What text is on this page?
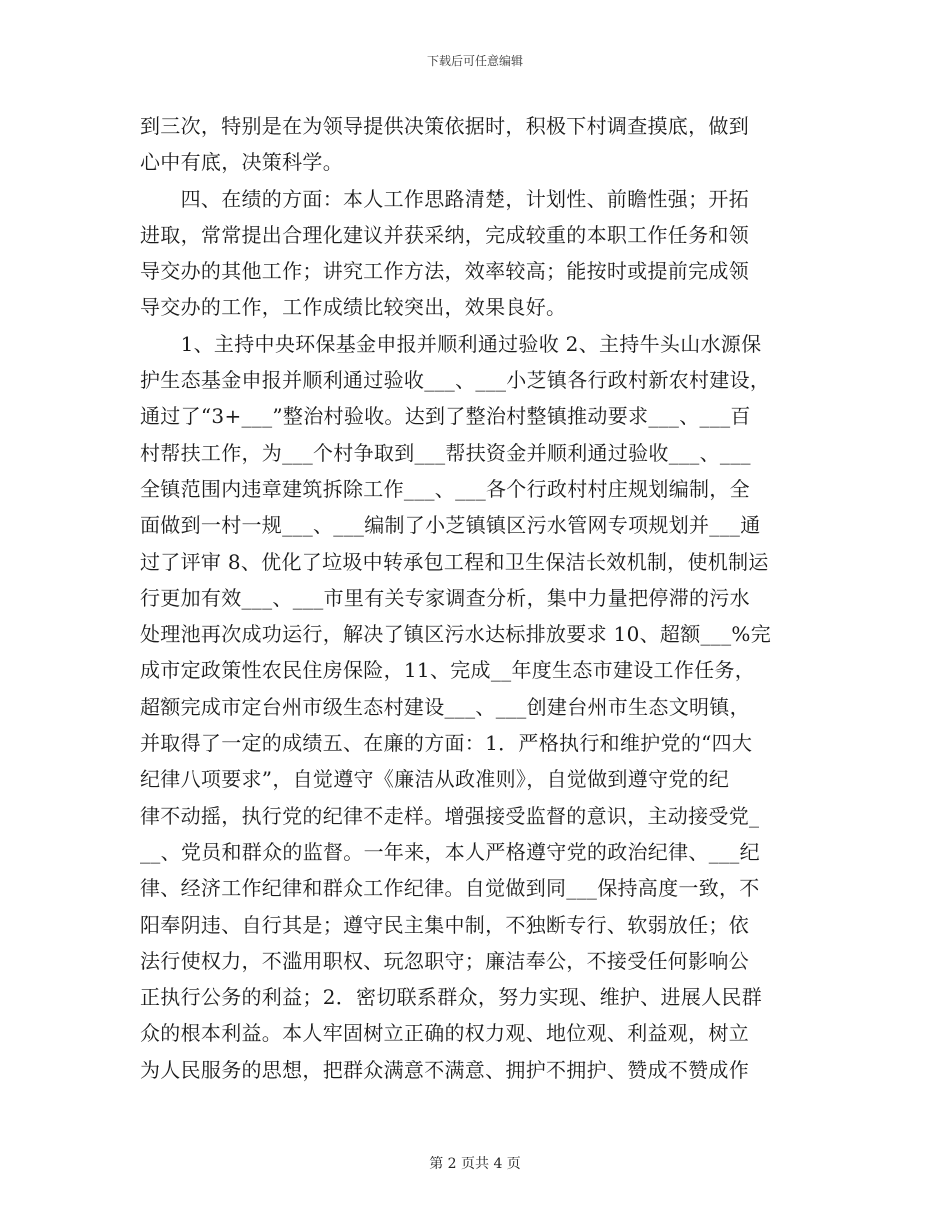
下载后可任意编辑
到三次，特别是在为领导提供决策依据时，积极下村调查摸底，做到
心中有底，决策科学。
　　四、在绩的方面：本人工作思路清楚，计划性、前瞻性强；开拓
进取，常常提出合理化建议并获采纳，完成较重的本职工作任务和领
导交办的其他工作；讲究工作方法，效率较高；能按时或提前完成领
导交办的工作，工作成绩比较突出，效果良好。
　　1、主持中央环保基金申报并顺利通过验收 2、主持牛头山水源保
护生态基金申报并顺利通过验收___、___小芝镇各行政村新农村建设，
通过了“3+___”整治村验收。达到了整治村整镇推动要求___、___百
村帮扶工作，为___个村争取到___帮扶资金并顺利通过验收___、___
全镇范围内违章建筑拆除工作___、___各个行政村村庄规划编制，全
面做到一村一规___、___编制了小芝镇镇区污水管网专项规划并___通
过了评审 8、优化了垃圾中转承包工程和卫生保洁长效机制，使机制运
行更加有效___、___市里有关专家调查分析，集中力量把停滞的污水
处理池再次成功运行，解决了镇区污水达标排放要求 10、超额___%完
成市定政策性农民住房保险，11、完成__年度生态市建设工作任务，
超额完成市定台州市级生态村建设___、___创建台州市生态文明镇，
并取得了一定的成绩五、在廉的方面：1．严格执行和维护党的“四大
纪律八项要求”，自觉遵守《廉洁从政准则》，自觉做到遵守党的纪
律不动摇，执行党的纪律不走样。增强接受监督的意识，主动接受党_
__、党员和群众的监督。一年来，本人严格遵守党的政治纪律、___纪
律、经济工作纪律和群众工作纪律。自觉做到同___保持高度一致，不
阳奉阴违、自行其是；遵守民主集中制，不独断专行、软弱放任；依
法行使权力，不滥用职权、玩忽职守；廉洁奉公，不接受任何影响公
正执行公务的利益；2．密切联系群众，努力实现、维护、进展人民群
众的根本利益。本人牢固树立正确的权力观、地位观、利益观，树立
为人民服务的思想，把群众满意不满意、拥护不拥护、赞成不赞成作
第 2 页共 4 页
